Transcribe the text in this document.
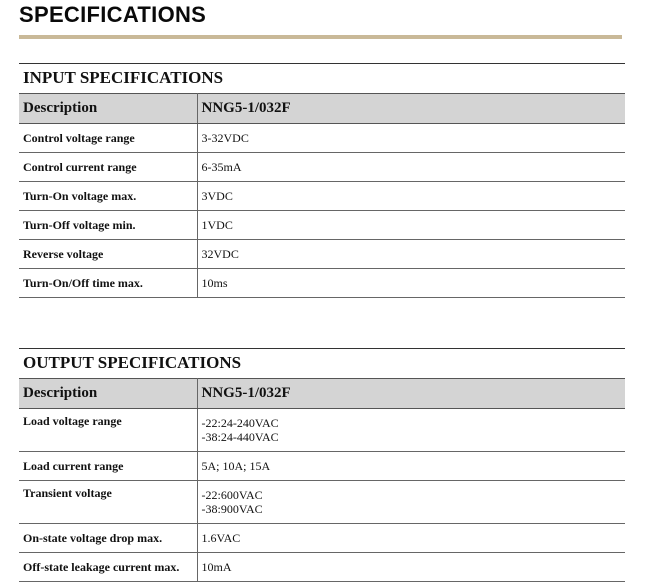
SPECIFICATIONS
INPUT SPECIFICATIONS
Description	NNG5-1/032F
Control voltage range	3-32VDC
Control current range	6-35mA
Turn-On voltage max.	3VDC
Turn-Off voltage min.	1VDC
Reverse voltage	32VDC
Turn-On/Off time max.	10ms
OUTPUT SPECIFICATIONS
Description	NNG5-1/032F
Load voltage range	-22:24-240VAC
-38:24-440VAC

Load current range	5A; 10A; 15A
Transient voltage	-22:600VAC
-38:900VAC

On-state voltage drop max.	1.6VAC
Off-state leakage current max.	10mA
